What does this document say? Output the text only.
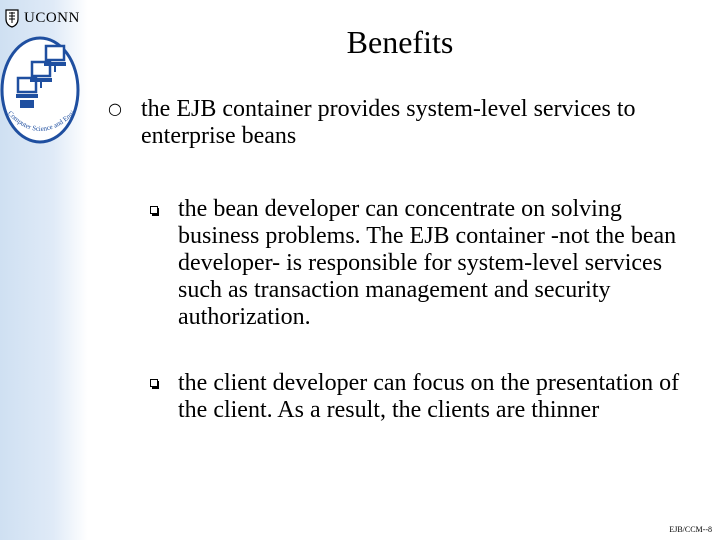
UCONN
Computer Science and Engi
Benefits
○ the EJB container provides system-level services to enterprise beans
the bean developer can concentrate on solving business problems. The EJB container -not the bean developer- is responsible for system-level services such as transaction management and security authorization.
the client developer can focus on the presentation of the client. As a result, the clients are thinner
EJB/CCM--8
